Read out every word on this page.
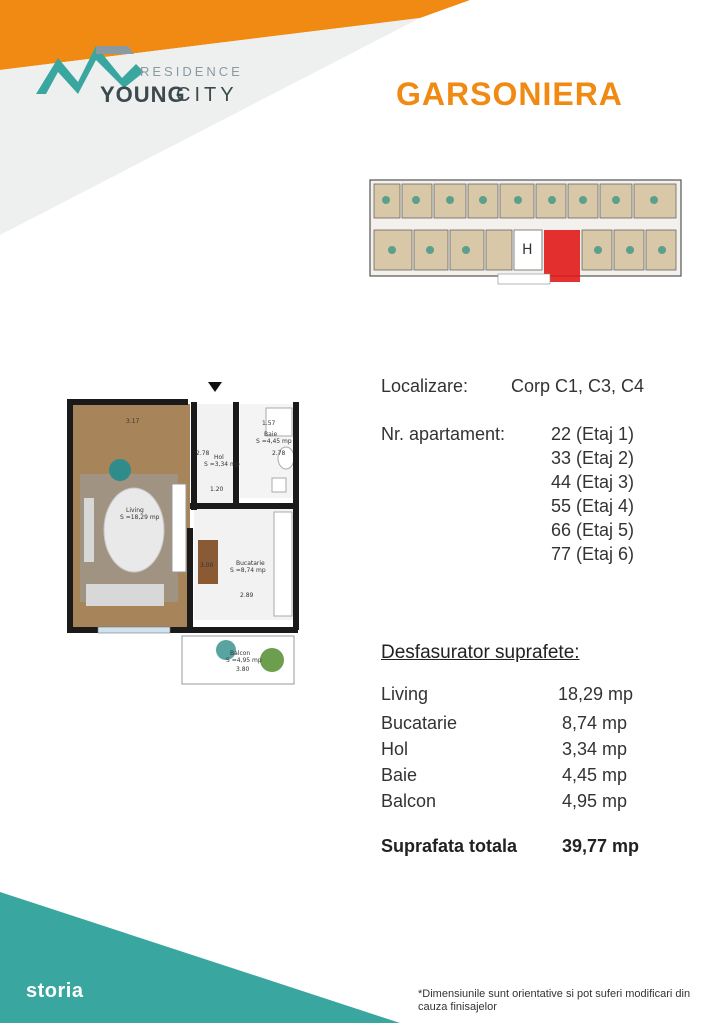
RESIDENCE
YOUNG
CITY	GARSONIERA
H
3.17	1.57
Baie
S =4,45 mp
Hol
S =3,34 mp
2.78	2.78
1.20
Living
S =18,29 mp
3.00	Bucatarie
S =8,74 mp
2.89
Balcon
S =4,95 mp
3.80
Localizare: Corp C1, C3, C4
Nr. apartament:	22 (Etaj 1)
33 (Etaj 2)
44 (Etaj 3)
55 (Etaj 4)
66 (Etaj 5)
77 (Etaj 6)
Desfasurator suprafete:
Living	18,29 mp
Bucatarie	8,74 mp
Hol	3,34 mp
Baie	4,45 mp
Balcon	4,95 mp
Suprafata totala 39,77 mp
storia	*Dimensiunile sunt orientative si pot suferi modificari din cauza finisajelor
